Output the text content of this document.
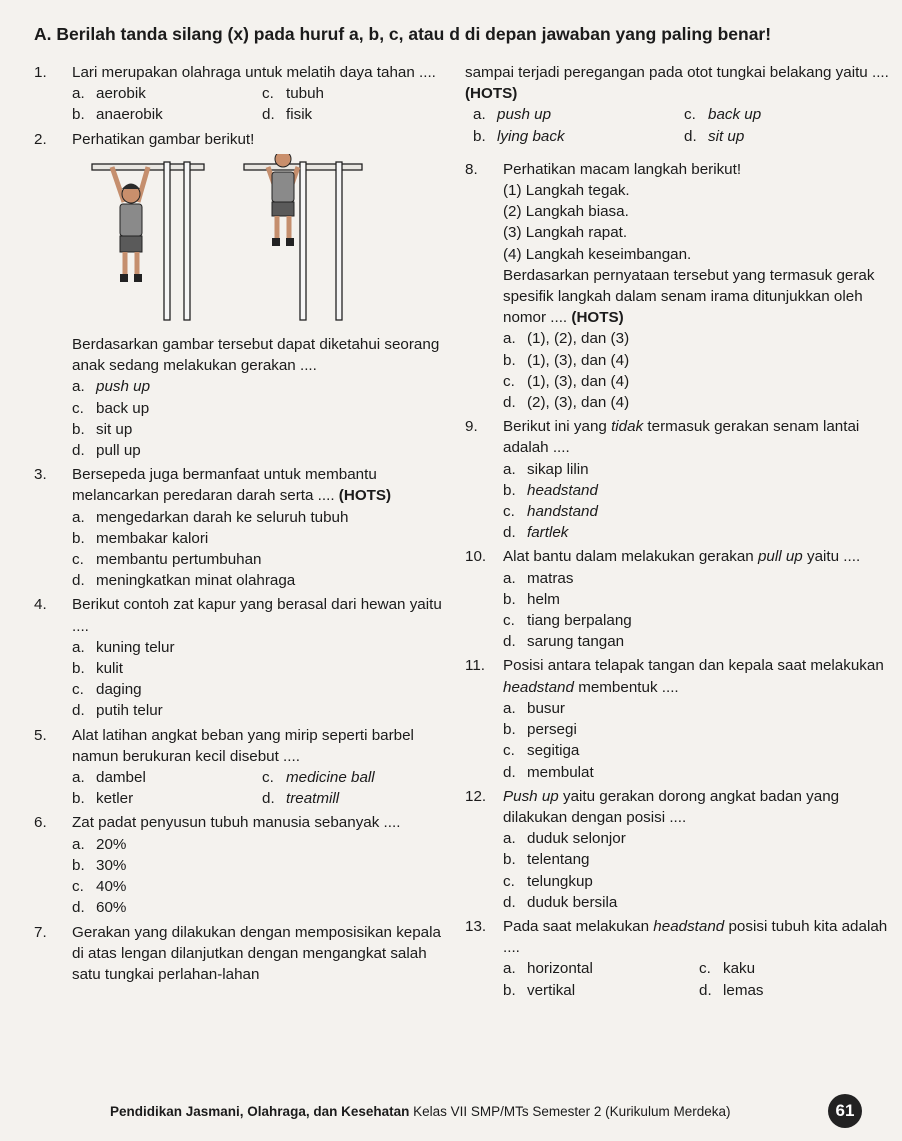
A. Berilah tanda silang (x) pada huruf a, b, c, atau d di depan jawaban yang paling benar!
1.	Lari merupakan olahraga untuk melatih daya tahan ....
a. aerobik	c. tubuh
b. anaerobik	d. fisik
2.	Perhatikan gambar berikut!
Berdasarkan gambar tersebut dapat diketahui seorang anak sedang melakukan gerakan ....
a. push up
c. back up
b. sit up
d. pull up
3.	Bersepeda juga bermanfaat untuk membantu melancarkan peredaran darah serta .... (HOTS)
a. mengedarkan darah ke seluruh tubuh
b. membakar kalori
c. membantu pertumbuhan
d. meningkatkan minat olahraga
4.	Berikut contoh zat kapur yang berasal dari hewan yaitu ....
a. kuning telur
b. kulit
c. daging
d. putih telur
5.	Alat latihan angkat beban yang mirip seperti barbel namun berukuran kecil disebut ....
a. dambel	c. medicine ball
b. ketler	d. treatmill
6.	Zat padat penyusun tubuh manusia sebanyak ....
a. 20%
b. 30%
c. 40%
d. 60%
7.	Gerakan yang dilakukan dengan memposisikan kepala di atas lengan dilanjutkan dengan mengangkat salah satu tungkai perlahan-lahan
sampai terjadi peregangan pada otot tungkai belakang yaitu .... (HOTS)
a. push up	c. back up
b. lying back	d. sit up
8.	Perhatikan macam langkah berikut!
(1) Langkah tegak.
(2) Langkah biasa.
(3) Langkah rapat.
(4) Langkah keseimbangan.
Berdasarkan pernyataan tersebut yang termasuk gerak spesifik langkah dalam senam irama ditunjukkan oleh nomor .... (HOTS)
a. (1), (2), dan (3)
b. (1), (3), dan (4)
c. (1), (3), dan (4)
d. (2), (3), dan (4)
9.	Berikut ini yang tidak termasuk gerakan senam lantai adalah ....
a. sikap lilin
b. headstand
c. handstand
d. fartlek
10.	Alat bantu dalam melakukan gerakan pull up yaitu ....
a. matras
b. helm
c. tiang berpalang
d. sarung tangan
11.	Posisi antara telapak tangan dan kepala saat melakukan headstand membentuk ....
a. busur
b. persegi
c. segitiga
d. membulat
12.	Push up yaitu gerakan dorong angkat badan yang dilakukan dengan posisi ....
a. duduk selonjor
b. telentang
c. telungkup
d. duduk bersila
13.	Pada saat melakukan headstand posisi tubuh kita adalah ....
a. horizontal	c. kaku
b. vertikal	d. lemas
Pendidikan Jasmani, Olahraga, dan Kesehatan Kelas VII SMP/MTs Semester 2 (Kurikulum Merdeka)	61
